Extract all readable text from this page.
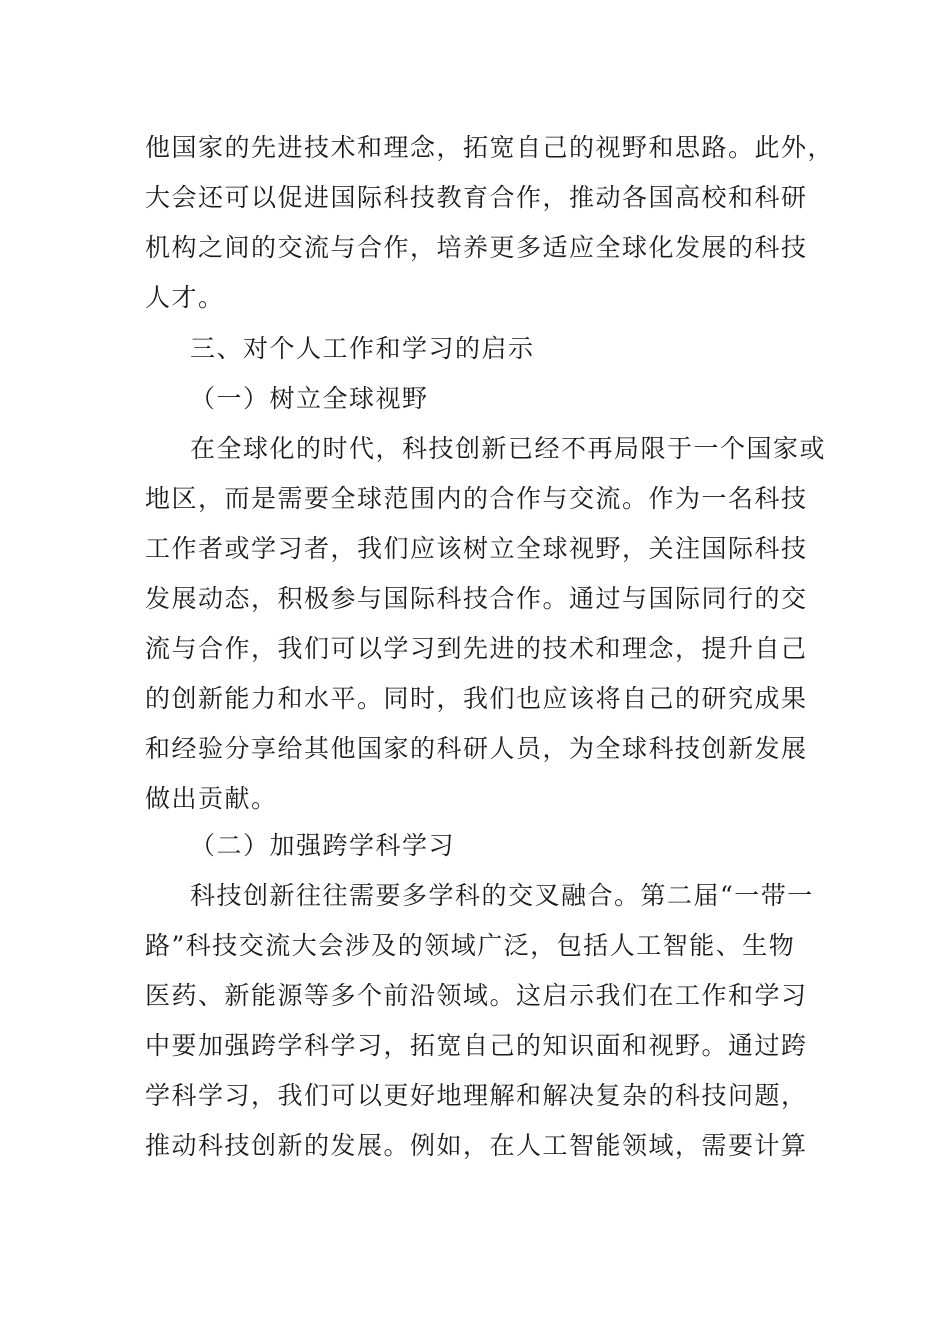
他国家的先进技术和理念，拓宽自己的视野和思路。此外，
大会还可以促进国际科技教育合作，推动各国高校和科研
机构之间的交流与合作，培养更多适应全球化发展的科技
人才。
三、对个人工作和学习的启示
（一）树立全球视野
在全球化的时代，科技创新已经不再局限于一个国家或
地区，而是需要全球范围内的合作与交流。作为一名科技
工作者或学习者，我们应该树立全球视野，关注国际科技
发展动态，积极参与国际科技合作。通过与国际同行的交
流与合作，我们可以学习到先进的技术和理念，提升自己
的创新能力和水平。同时，我们也应该将自己的研究成果
和经验分享给其他国家的科研人员，为全球科技创新发展
做出贡献。
（二）加强跨学科学习
科技创新往往需要多学科的交叉融合。第二届“一带一
路”科技交流大会涉及的领域广泛，包括人工智能、生物
医药、新能源等多个前沿领域。这启示我们在工作和学习
中要加强跨学科学习，拓宽自己的知识面和视野。通过跨
学科学习，我们可以更好地理解和解决复杂的科技问题，
推动科技创新的发展。例如，在人工智能领域，需要计算
